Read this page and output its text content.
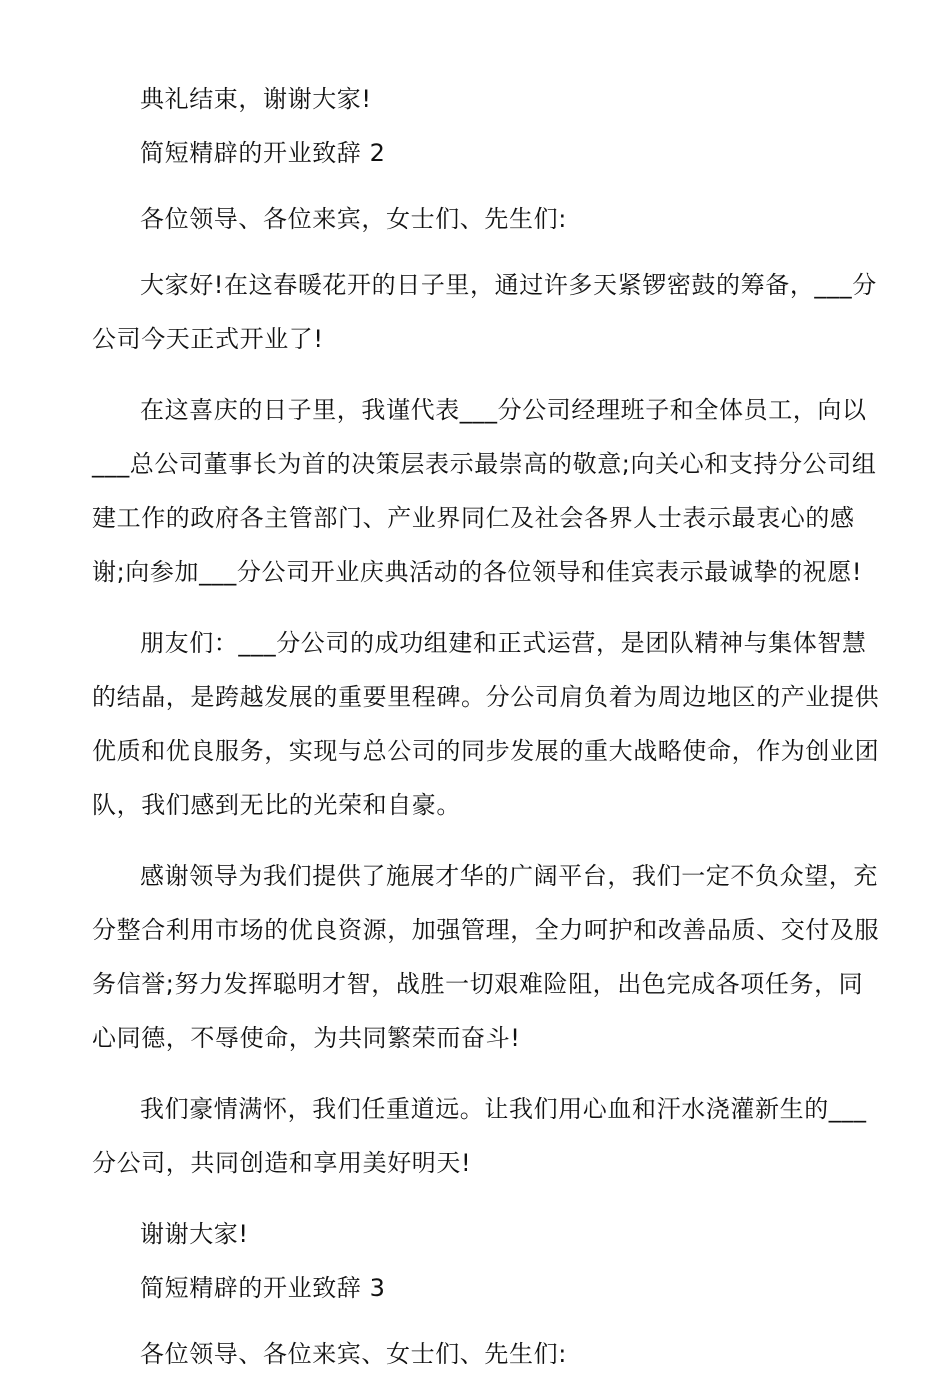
典礼结束，谢谢大家!
简短精辟的开业致辞 2
各位领导、各位来宾，女士们、先生们:
大家好!在这春暖花开的日子里，通过许多天紧锣密鼓的筹备，___分
公司今天正式开业了!
在这喜庆的日子里，我谨代表___分公司经理班子和全体员工，向以
___总公司董事长为首的决策层表示最崇高的敬意;向关心和支持分公司组
建工作的政府各主管部门、产业界同仁及社会各界人士表示最衷心的感
谢;向参加___分公司开业庆典活动的各位领导和佳宾表示最诚挚的祝愿!
朋友们：___分公司的成功组建和正式运营，是团队精神与集体智慧
的结晶，是跨越发展的重要里程碑。分公司肩负着为周边地区的产业提供
优质和优良服务，实现与总公司的同步发展的重大战略使命，作为创业团
队，我们感到无比的光荣和自豪。
感谢领导为我们提供了施展才华的广阔平台，我们一定不负众望，充
分整合利用市场的优良资源，加强管理，全力呵护和改善品质、交付及服
务信誉;努力发挥聪明才智，战胜一切艰难险阻，出色完成各项任务，同
心同德，不辱使命，为共同繁荣而奋斗!
我们豪情满怀，我们任重道远。让我们用心血和汗水浇灌新生的___
分公司，共同创造和享用美好明天!
谢谢大家!
简短精辟的开业致辞 3
各位领导、各位来宾、女士们、先生们:
